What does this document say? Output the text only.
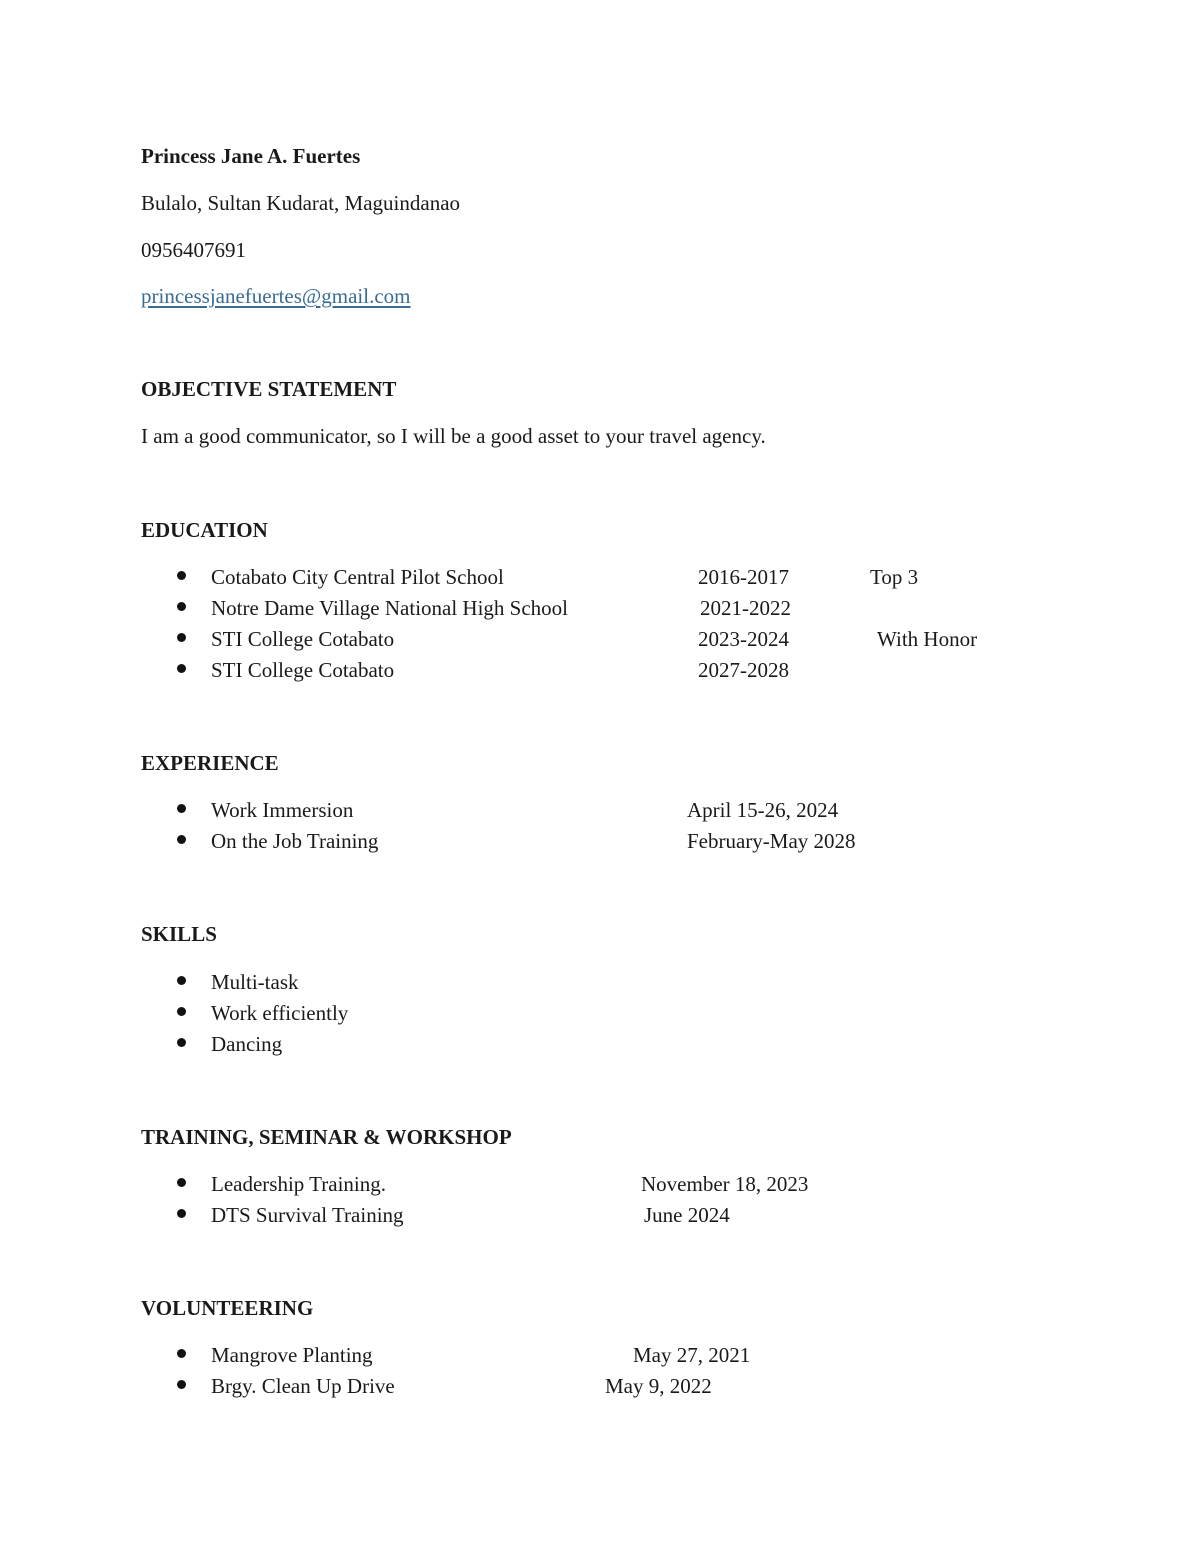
Princess Jane A. Fuertes
Bulalo, Sultan Kudarat, Maguindanao
0956407691
princessjanefuertes@gmail.com
OBJECTIVE STATEMENT
I am a good communicator, so I will be a good asset to your travel agency.
EDUCATION
Cotabato City Central Pilot School	2016-2017	Top 3
Notre Dame Village National High School	2021-2022
STI College Cotabato	2023-2024	With Honor
STI College Cotabato	2027-2028
EXPERIENCE
Work Immersion	April 15-26, 2024
On the Job Training	February-May 2028
SKILLS
Multi-task
Work efficiently
Dancing
TRAINING, SEMINAR & WORKSHOP
Leadership Training.	November 18, 2023
DTS Survival Training	June 2024
VOLUNTEERING
Mangrove Planting	May 27, 2021
Brgy. Clean Up Drive	May 9, 2022
